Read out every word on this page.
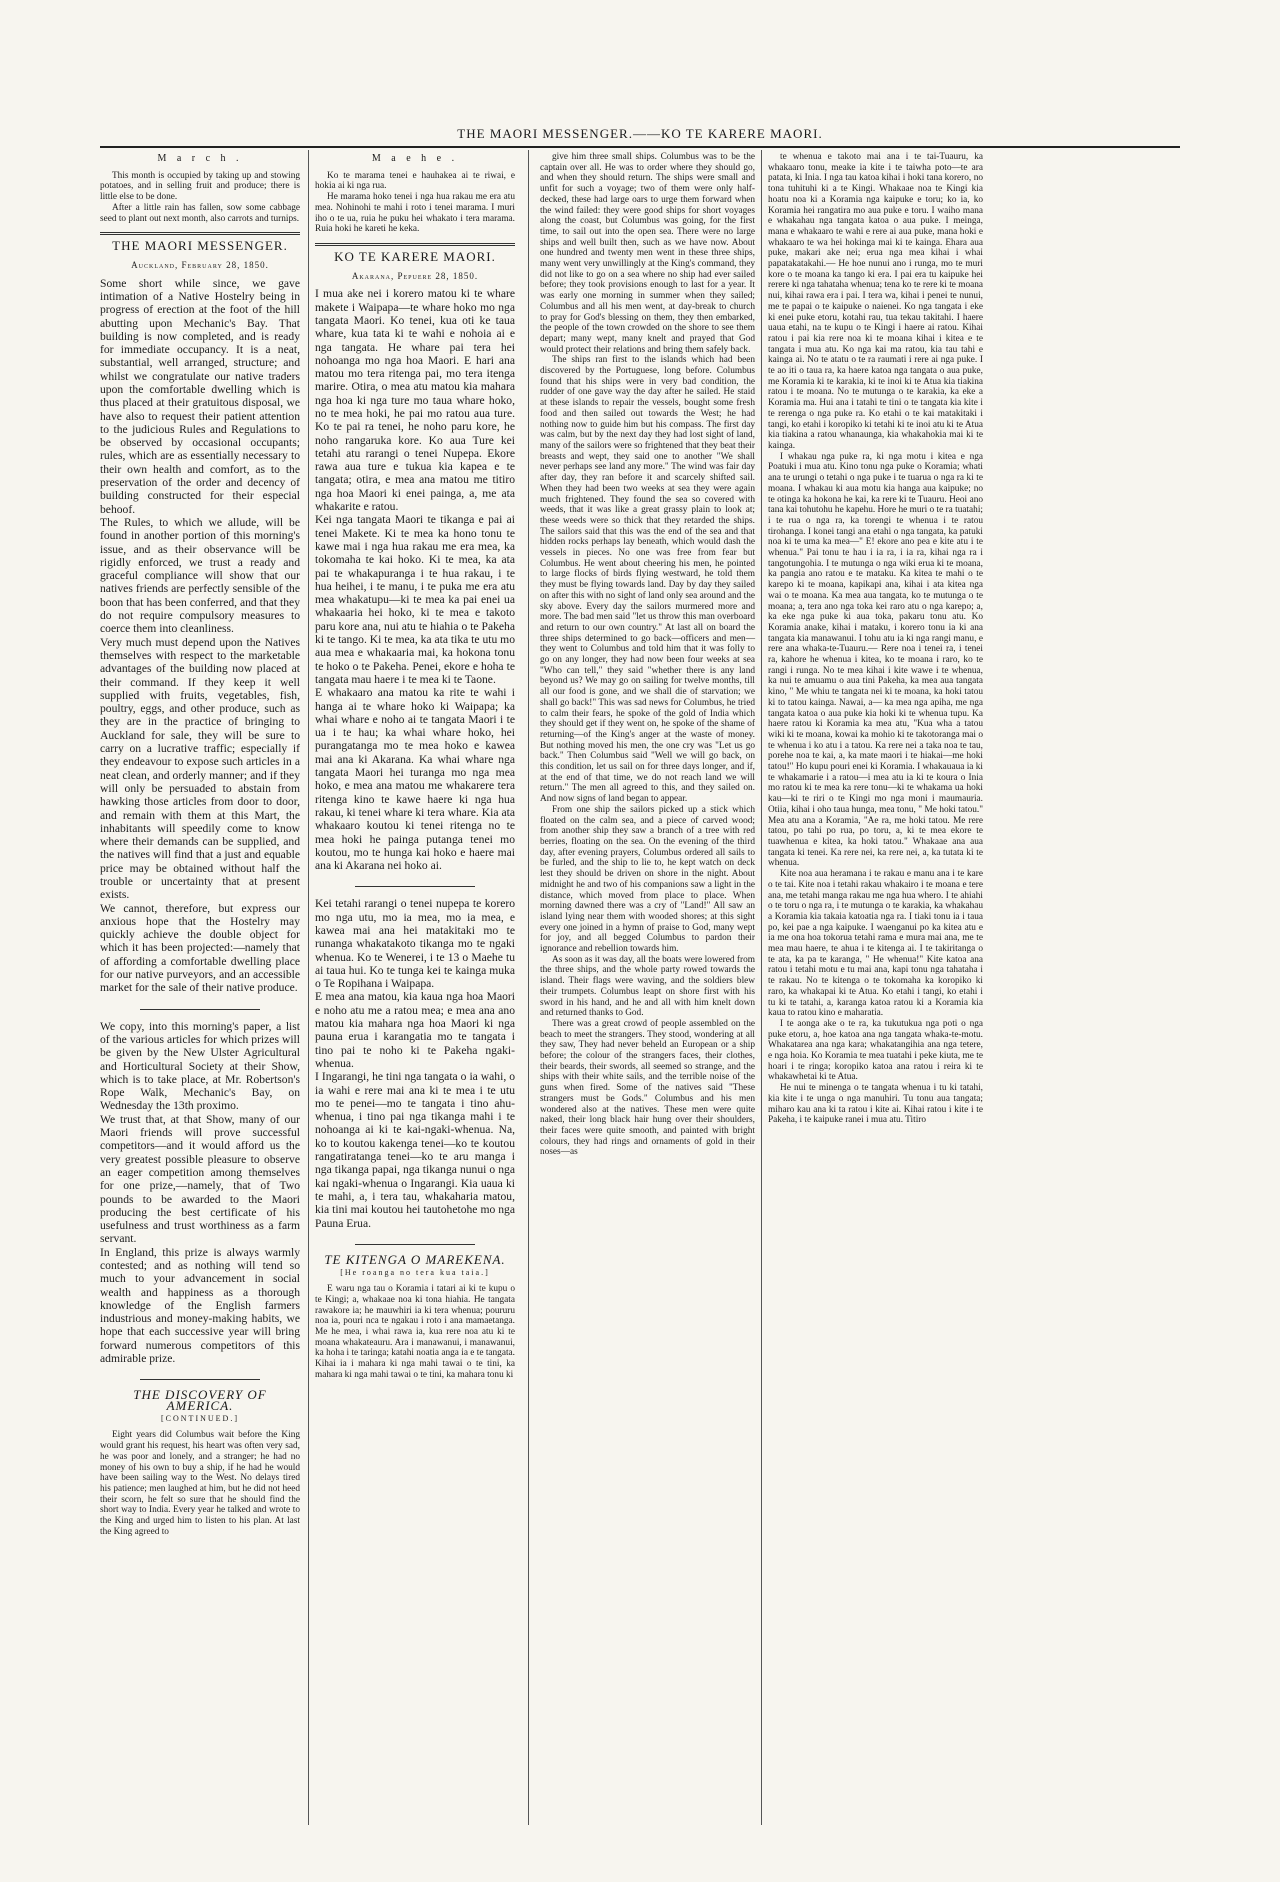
THE MAORI MESSENGER.——KO TE KARERE MAORI.
M a r c h .

This month is occupied by taking up and stowing potatoes, and in selling fruit and produce; there is little else to be done.

After a little rain has fallen, sow some cabbage seed to plant out next month, also carrots and turnips.

THE MAORI MESSENGER.
Auckland, February 28, 1850.

Some short while since, we gave intimation of a Native Hostelry being in progress of erection at the foot of the hill abutting upon Mechanic's Bay. That building is now completed, and is ready for immediate occupancy. It is a neat, substantial, well arranged, structure; and whilst we congratulate our native traders upon the comfortable dwelling which is thus placed at their gratuitous disposal, we have also to request their patient attention to the judicious Rules and Regulations to be observed by occasional occupants; rules, which are as essentially necessary to their own health and comfort, as to the preservation of the order and decency of building constructed for their especial behoof.

The Rules, to which we allude, will be found in another portion of this morning's issue, and as their observance will be rigidly enforced, we trust a ready and graceful compliance will show that our natives friends are perfectly sensible of the boon that has been conferred, and that they do not require compulsory measures to coerce them into cleanliness.

Very much must depend upon the Natives themselves with respect to the marketable advantages of the building now placed at their command. If they keep it well supplied with fruits, vegetables, fish, poultry, eggs, and other produce, such as they are in the practice of bringing to Auckland for sale, they will be sure to carry on a lucrative traffic; especially if they endeavour to expose such articles in a neat clean, and orderly manner; and if they will only be persuaded to abstain from hawking those articles from door to door, and remain with them at this Mart, the inhabitants will speedily come to know where their demands can be supplied, and the natives will find that a just and equable price may be obtained without half the trouble or uncertainty that at present exists.

We cannot, therefore, but express our anxious hope that the Hostelry may quickly achieve the double object for which it has been projected:—namely that of affording a comfortable dwelling place for our native purveyors, and an accessible market for the sale of their native produce.

We copy, into this morning's paper, a list of the various articles for which prizes will be given by the New Ulster Agricultural and Horticultural Society at their Show, which is to take place, at Mr. Robertson's Rope Walk, Mechanic's Bay, on Wednesday the 13th proximo.

We trust that, at that Show, many of our Maori friends will prove successful competitors—and it would afford us the very greatest possible pleasure to observe an eager competition among themselves for one prize,—namely, that of Two pounds to be awarded to the Maori producing the best certificate of his usefulness and trust worthiness as a farm servant.

In England, this prize is always warmly contested; and as nothing will tend so much to your advancement in social wealth and happiness as a thorough knowledge of the English farmers industrious and money-making habits, we hope that each successive year will bring forward numerous competitors of this admirable prize.

THE DISCOVERY OF AMERICA.
[CONTINUED.]

Eight years did Columbus wait before the King would grant his request, his heart was often very sad, he was poor and lonely, and a stranger; he had no money of his own to buy a ship, if he had he would have been sailing way to the West. No delays tired his patience; men laughed at him, but he did not heed their scorn, he felt so sure that he should find the short way to India. Every year he talked and wrote to the King and urged him to listen to his plan. At last the King agreed to

M a e h e .

Ko te marama tenei e hauhakea ai te riwai, e hokia ai ki nga rua.

He marama hoko tenei i nga hua rakau me era atu mea. Nohinohi te mahi i roto i tenei marama. I muri iho o te ua, ruia he puku hei whakato i tera marama. Ruia hoki he kareti he keka.

KO TE KARERE MAORI.
Akarana, Pepuere 28, 1850.

I mua ake nei i korero matou ki te whare makete i Waipapa—te whare hoko mo nga tangata Maori. Ko tenei, kua oti ke taua whare, kua tata ki te wahi e nohoia ai e nga tangata. He whare pai tera hei nohoanga mo nga hoa Maori. E hari ana matou mo tera ritenga pai, mo tera itenga marire. Otira, o mea atu matou kia mahara nga hoa ki nga ture mo taua whare hoko, no te mea hoki, he pai mo ratou aua ture. Ko te pai ra tenei, he noho paru kore, he noho rangaruka kore. Ko aua Ture kei tetahi atu rarangi o tenei Nupepa. Ekore rawa aua ture e tukua kia kapea e te tangata; otira, e mea ana matou me titiro nga hoa Maori ki enei painga, a, me ata whakarite e ratou.

Kei nga tangata Maori te tikanga e pai ai tenei Makete. Ki te mea ka hono tonu te kawe mai i nga hua rakau me era mea, ka tokomaha te kai hoko. Ki te mea, ka ata pai te whakapuranga i te hua rakau, i te hua heihei, i te manu, i te puka me era atu mea whakatupu—ki te mea ka pai enei ua whakaaria hei hoko, ki te mea e takoto paru kore ana, nui atu te hiahia o te Pakeha ki te tango. Ki te mea, ka ata tika te utu mo aua mea e whakaaria mai, ka hokona tonu te hoko o te Pakeha. Penei, ekore e hoha te tangata mau haere i te mea ki te Taone.

E whakaaro ana matou ka rite te wahi i hanga ai te whare hoko ki Waipapa; ka whai whare e noho ai te tangata Maori i te ua i te hau; ka whai whare hoko, hei purangatanga mo te mea hoko e kawea mai ana ki Akarana. Ka whai whare nga tangata Maori hei turanga mo nga mea hoko, e mea ana matou me whakarere tera ritenga kino te kawe haere ki nga hua rakau, ki tenei whare ki tera whare. Kia ata whakaaro koutou ki tenei ritenga no te mea hoki he painga putanga tenei mo koutou, mo te hunga kai hoko e haere mai ana ki Akarana nei hoko ai.

Kei tetahi rarangi o tenei nupepa te korero mo nga utu, mo ia mea, mo ia mea, e kawea mai ana hei matakitaki mo te runanga whakatakoto tikanga mo te ngaki whenua. Ko te Wenerei, i te 13 o Maehe tu ai taua hui. Ko te tunga kei te kainga muka o Te Ropihana i Waipapa.

E mea ana matou, kia kaua nga hoa Maori e noho atu me a ratou mea; e mea ana ano matou kia mahara nga hoa Maori ki nga pauna erua i karangatia mo te tangata i tino pai te noho ki te Pakeha ngaki-whenua.

I Ingarangi, he tini nga tangata o ia wahi, o ia wahi e rere mai ana ki te mea i te utu mo te penei—mo te tangata i tino ahu-whenua, i tino pai nga tikanga mahi i te nohoanga ai ki te kai-ngaki-whenua. Na, ko to koutou kakenga tenei—ko te koutou rangatiratanga tenei—ko te aru manga i nga tikanga papai, nga tikanga nunui o nga kai ngaki-whenua o Ingarangi. Kia uaua ki te mahi, a, i tera tau, whakaharia matou, kia tini mai koutou hei tautohetohe mo nga Pauna Erua.

TE KITENGA O MAREKENA.
[He roanga no tera kua taia.]

E waru nga tau o Koramia i tatari ai ki te kupu o te Kingi; a, whakaae noa ki tona hiahia. He tangata rawakore ia; he mauwhiri ia ki tera whenua; poururu noa ia, pouri nca te ngakau i roto i ana mamaetanga. Me he mea, i whai rawa ia, kua rere noa atu ki te moana whakateauru. Ara i manawanui, i manawanui, ka hoha i te taringa; katahi noatia anga ia e te tangata. Kihai ia i mahara ki nga mahi tawai o te tini, ka mahara ki nga mahi tawai o te tini, ka mahara tonu ki

give him three small ships. Columbus was to be the captain over all. He was to order where they should go, and when they should return. The ships were small and unfit for such a voyage; two of them were only half-decked, these had large oars to urge them forward when the wind failed: they were good ships for short voyages along the coast, but Columbus was going, for the first time, to sail out into the open sea. There were no large ships and well built then, such as we have now. About one hundred and twenty men went in these three ships, many went very unwillingly at the King's command, they did not like to go on a sea where no ship had ever sailed before; they took provisions enough to last for a year. It was early one morning in summer when they sailed; Columbus and all his men went, at day-break to church to pray for God's blessing on them, they then embarked, the people of the town crowded on the shore to see them depart; many wept, many knelt and prayed that God would protect their relations and bring them safely back.

The ships ran first to the islands which had been discovered by the Portuguese, long before. Columbus found that his ships were in very bad condition, the rudder of one gave way the day after he sailed. He staid at these islands to repair the vessels, bought some fresh food and then sailed out towards the West; he had nothing now to guide him but his compass. The first day was calm, but by the next day they had lost sight of land, many of the sailors were so frightened that they beat their breasts and wept, they said one to another "We shall never perhaps see land any more." The wind was fair day after day, they ran before it and scarcely shifted sail. When they had been two weeks at sea they were again much frightened. They found the sea so covered with weeds, that it was like a great grassy plain to look at; these weeds were so thick that they retarded the ships. The sailors said that this was the end of the sea and that hidden rocks perhaps lay beneath, which would dash the vessels in pieces. No one was free from fear but Columbus. He went about cheering his men, he pointed to large flocks of birds flying westward, he told them they must be flying towards land. Day by day they sailed on after this with no sight of land only sea around and the sky above. Every day the sailors murmered more and more. The bad men said "let us throw this man overboard and return to our own country." At last all on board the three ships determined to go back—officers and men—they went to Columbus and told him that it was folly to go on any longer, they had now been four weeks at sea "Who can tell," they said "whether there is any land beyond us? We may go on sailing for twelve months, till all our food is gone, and we shall die of starvation; we shall go back!" This was sad news for Columbus, he tried to calm their fears, he spoke of the gold of India which they should get if they went on, he spoke of the shame of returning—of the King's anger at the waste of money. But nothing moved his men, the one cry was "Let us go back." Then Columbus said "Well we will go back, on this condition, let us sail on for three days longer, and if, at the end of that time, we do not reach land we will return." The men all agreed to this, and they sailed on. And now signs of land began to appear.

From one ship the sailors picked up a stick which floated on the calm sea, and a piece of carved wood; from another ship they saw a branch of a tree with red berries, floating on the sea. On the evening of the third day, after evening prayers, Columbus ordered all sails to be furled, and the ship to lie to, he kept watch on deck lest they should be driven on shore in the night. About midnight he and two of his companions saw a light in the distance, which moved from place to place. When morning dawned there was a cry of "Land!" All saw an island lying near them with wooded shores; at this sight every one joined in a hymn of praise to God, many wept for joy, and all begged Columbus to pardon their ignorance and rebellion towards him.

As soon as it was day, all the boats were lowered from the three ships, and the whole party rowed towards the island. Their flags were waving, and the soldiers blew their trumpets. Columbus leapt on shore first with his sword in his hand, and he and all with him knelt down and returned thanks to God.

There was a great crowd of people assembled on the beach to meet the strangers. They stood, wondering at all they saw, They had never beheld an European or a ship before; the colour of the strangers faces, their clothes, their beards, their swords, all seemed so strange, and the ships with their white sails, and the terrible noise of the guns when fired. Some of the natives said "These strangers must be Gods." Columbus and his men wondered also at the natives. These men were quite naked, their long black hair hung over their shoulders, their faces were quite smooth, and painted with bright colours, they had rings and ornaments of gold in their noses—as

te whenua e takoto mai ana i te tai-Tuauru, ka whakaaro tonu, meake ia kite i te taiwha poto—te ara patata, ki Inia. I nga tau katoa kihai i hoki tana korero, no tona tuhituhi ki a te Kingi. Whakaae noa te Kingi kia hoatu noa ki a Koramia nga kaipuke e toru; ko ia, ko Koramia hei rangatira mo aua puke e toru. I waiho mana e whakahau nga tangata katoa o aua puke. I meinga, mana e whakaaro te wahi e rere ai aua puke, mana hoki e whakaaro te wa hei hokinga mai ki te kainga. Ehara aua puke, makari ake nei; erua nga mea kihai i whai papatakatakahi.— He hoe nunui ano i runga, mo te muri kore o te moana ka tango ki era. I pai era tu kaipuke hei rerere ki nga tahataha whenua; tena ko te rere ki te moana nui, kihai rawa era i pai. I tera wa, kihai i penei te nunui, me te papai o te kaipuke o naienei. Ko nga tangata i eke ki enei puke etoru, kotahi rau, tua tekau takitahi. I haere uaua etahi, na te kupu o te Kingi i haere ai ratou. Kihai ratou i pai kia rere noa ki te moana kihai i kitea e te tangata i mua atu. Ko nga kai ma ratou, kia tau tahi e kainga ai. No te atatu o te ra raumati i rere ai nga puke. I te ao iti o taua ra, ka haere katoa nga tangata o aua puke, me Koramia ki te karakia, ki te inoi ki te Atua kia tiakina ratou i te moana. No te mutunga o te karakia, ka eke a Koramia ma. Hui ana i tatahi te tini o te tangata kia kite i te rerenga o nga puke ra. Ko etahi o te kai matakitaki i tangi, ko etahi i koropiko ki tetahi ki te inoi atu ki te Atua kia tiakina a ratou whanaunga, kia whakahokia mai ki te kainga.

I whakau nga puke ra, ki nga motu i kitea e nga Poatuki i mua atu. Kino tonu nga puke o Koramia; whati ana te urungi o tetahi o nga puke i te tuarua o nga ra ki te moana. I whakau ki aua motu kia hanga aua kaipuke; no te otinga ka hokona he kai, ka rere ki te Tuauru. Heoi ano tana kai tohutohu he kapehu. Hore he muri o te ra tuatahi; i te rua o nga ra, ka torengi te whenua i te ratou tirohanga. I konei tangi ana etahi o nga tangata, ka patuki noa ki te uma ka mea—" E! ekore ano pea e kite atu i te whenua." Pai tonu te hau i ia ra, i ia ra, kihai nga ra i tangotungohia. I te mutunga o nga wiki erua ki te moana, ka pangia ano ratou e te mataku. Ka kitea te mahi o te karepo ki te moana, kapikapi ana, kihai i ata kitea nga wai o te moana. Ka mea aua tangata, ko te mutunga o te moana; a, tera ano nga toka kei raro atu o nga karepo; a, ka eke nga puke ki aua toka, pakaru tonu atu. Ko Koramia anake, kihai i mataku, i korero tonu ia ki ana tangata kia manawanui. I tohu atu ia ki nga rangi manu, e rere ana whaka-te-Tuauru.— Rere noa i tenei ra, i tenei ra, kahore he whenua i kitea, ko te moana i raro, ko te rangi i runga. No te mea kihai i kite wawe i te whenua, ka nui te amuamu o aua tini Pakeha, ka mea aua tangata kino, " Me whiu te tangata nei ki te moana, ka hoki tatou ki to tatou kainga. Nawai, a— ka mea nga apiha, me nga tangata katoa o aua puke kia hoki ki te whenua tupu. Ka haere ratou ki Koramia ka mea atu, "Kua wha a tatou wiki ki te moana, kowai ka mohio ki te takotoranga mai o te whenua i ko atu i a tatou. Ka rere nei a taka noa te tau, porehe noa te kai, a, ka mate maori i te hiakai—me hoki tatou!" Ho kupu pouri enei ki Koramia. I whakauaua ia ki te whakamarie i a ratou—i mea atu ia ki te koura o Inia mo ratou ki te mea ka rere tonu—ki te whakama ua hoki kau—ki te riri o te Kingi mo nga moni i maumauria. Otiia, kihai i oho taua hunga, mea tonu, " Me hoki tatou." Mea atu ana a Koramia, "Ae ra, me hoki tatou. Me rere tatou, po tahi po rua, po toru, a, ki te mea ekore te tuawhenua e kitea, ka hoki tatou." Whakaae ana aua tangata ki tenei. Ka rere nei, ka rere nei, a, ka tutata ki te whenua.

Kite noa aua heramana i te rakau e manu ana i te kare o te tai. Kite noa i tetahi rakau whakairo i te moana e tere ana, me tetahi manga rakau me nga hua whero. I te ahiahi o te toru o nga ra, i te mutunga o te karakia, ka whakahau a Koramia kia takaia katoatia nga ra. I tiaki tonu ia i taua po, kei pae a nga kaipuke. I waenganui po ka kitea atu e ia me ona hoa tokorua tetahi rama e mura mai ana, me te mea mau haere, te ahua i te kitenga ai. I te takiritanga o te ata, ka pa te karanga, " He whenua!" Kite katoa ana ratou i tetahi motu e tu mai ana, kapi tonu nga tahataha i te rakau. No te kitenga o te tokomaha ka koropiko ki raro, ka whakapai ki te Atua. Ko etahi i tangi, ko etahi i tu ki te tatahi, a, karanga katoa ratou ki a Koramia kia kaua to ratou kino e maharatia.

I te aonga ake o te ra, ka tukutukua nga poti o nga puke etoru, a, hoe katoa ana nga tangata whaka-te-motu. Whakatarea ana nga kara; whakatangihia ana nga tetere, e nga hoia. Ko Koramia te mea tuatahi i peke kiuta, me te hoari i te ringa; koropiko katoa ana ratou i reira ki te whakawhetai ki te Atua.

He nui te minenga o te tangata whenua i tu ki tatahi, kia kite i te unga o nga manuhiri. Tu tonu aua tangata; miharo kau ana ki ta ratou i kite ai. Kihai ratou i kite i te Pakeha, i te kaipuke ranei i mua atu. Titiro
